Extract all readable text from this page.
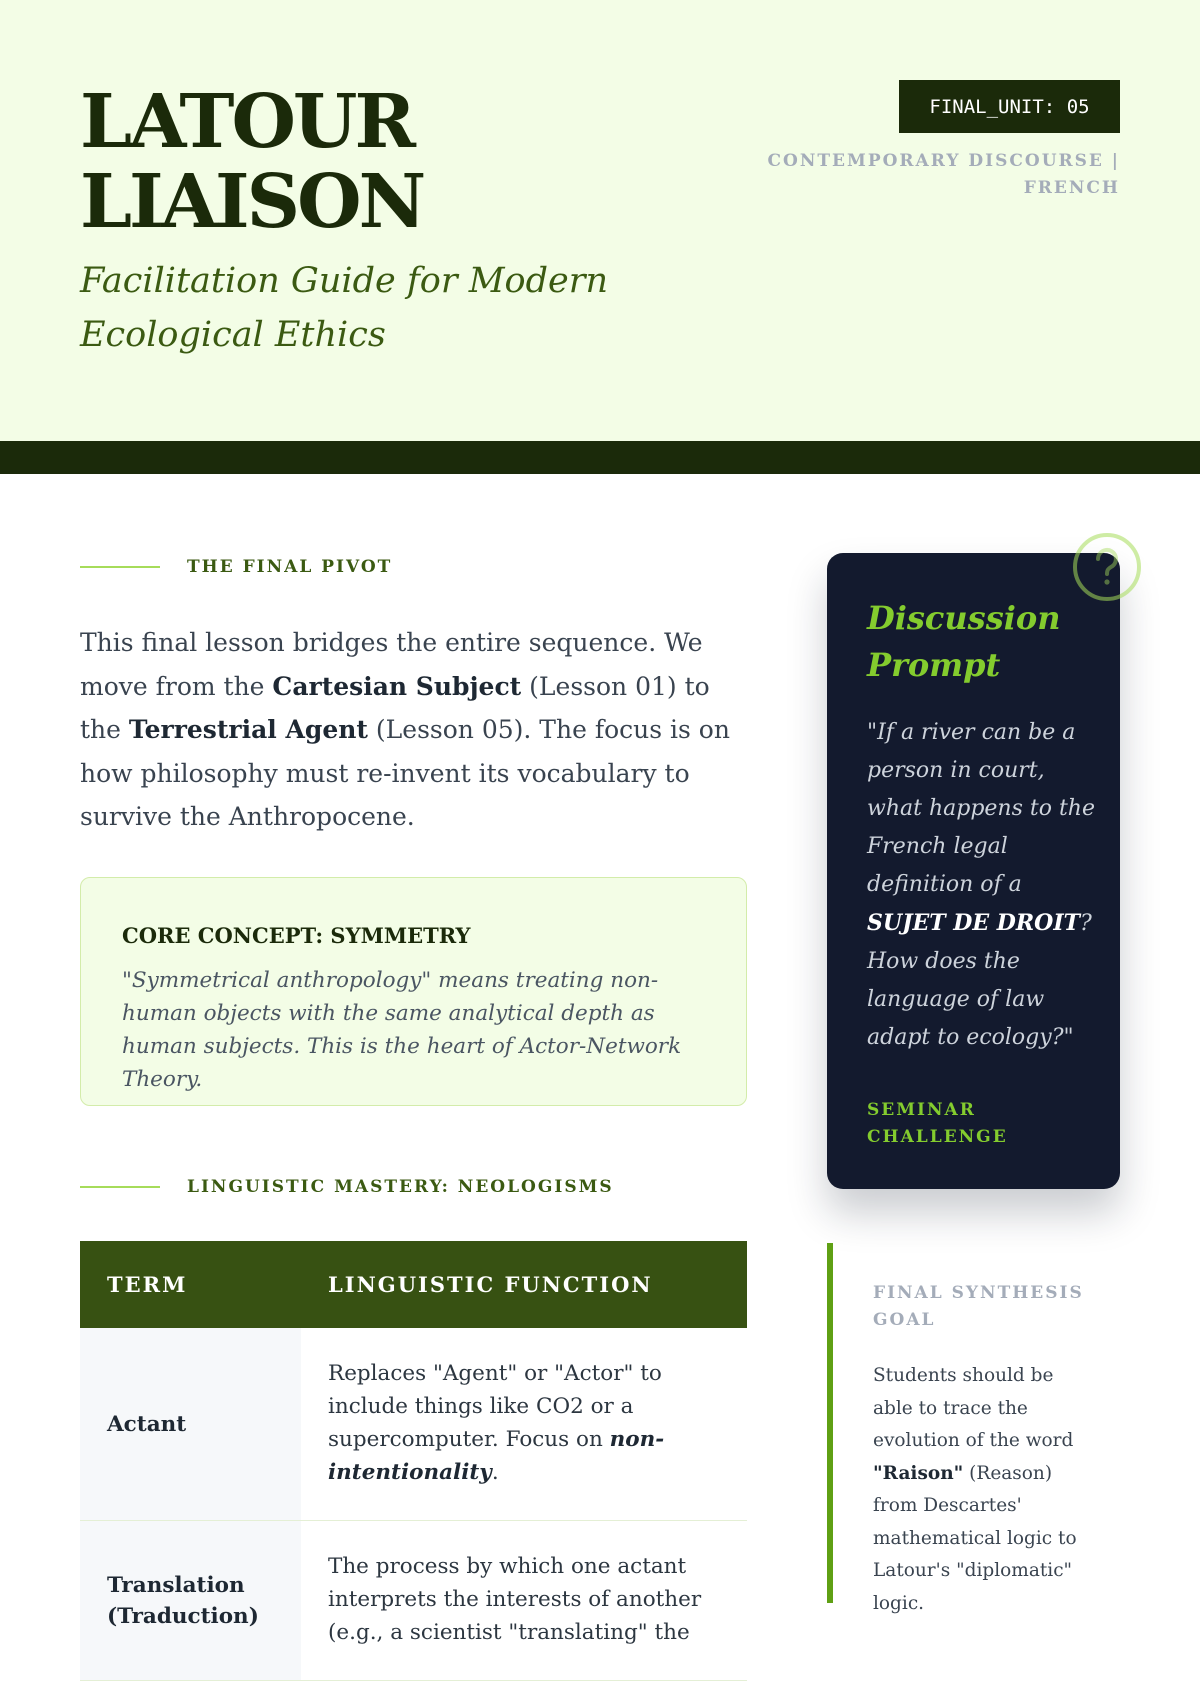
LATOUR
LIAISON
Facilitation Guide for Modern Ecological Ethics
FINAL_UNIT: 05
CONTEMPORARY DISCOURSE | FRENCH
THE FINAL PIVOT

This final lesson bridges the entire sequence. We move from the Cartesian Subject (Lesson 01) to the Terrestrial Agent (Lesson 05). The focus is on how philosophy must re-invent its vocabulary to survive the Anthropocene.

CORE CONCEPT: SYMMETRY
"Symmetrical anthropology" means treating non-human objects with the same analytical depth as human subjects. This is the heart of Actor-Network Theory.
LINGUISTIC MASTERY: NEOLOGISMS
TERM	LINGUISTIC FUNCTION
Actant
Replaces "Agent" or "Actor" to include things like CO2 or a supercomputer. Focus on non-intentionality.
Translation (Traduction)
The process by which one actant interprets the interests of another (e.g., a scientist "translating" the
Discussion Prompt

"If a river can be a person in court, what happens to the French legal definition of a SUJET DE DROIT? How does the language of law adapt to ecology?"

SEMINAR CHALLENGE
FINAL SYNTHESIS GOAL

Students should be able to trace the evolution of the word "Raison" (Reason) from Descartes' mathematical logic to Latour's "diplomatic" logic.
